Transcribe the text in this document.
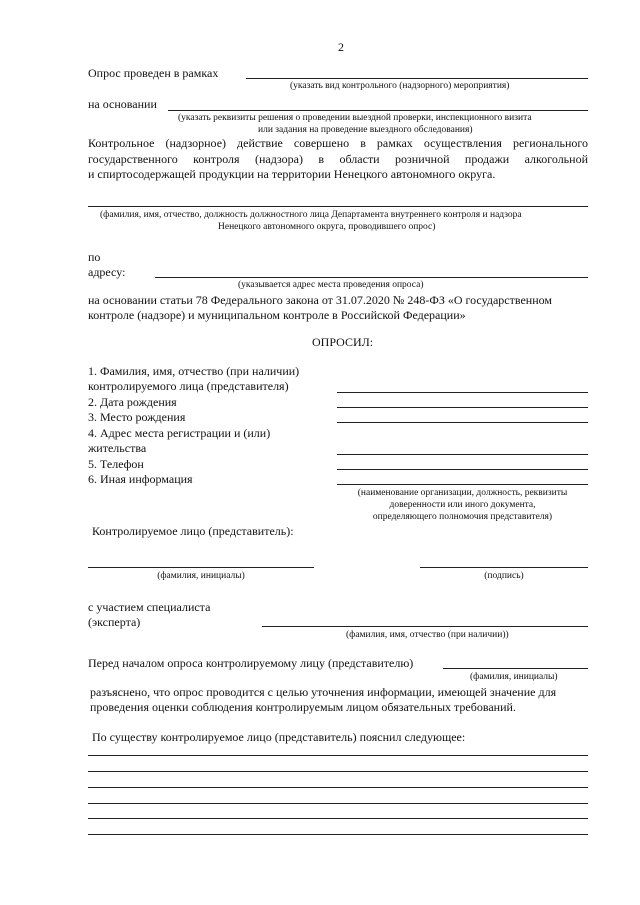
2
Опрос проведен в рамках
(указать вид контрольного (надзорного) мероприятия)
на основании
(указать реквизиты решения о проведении выездной проверки, инспекционного визита
или задания на проведение выездного обследования)
Контрольное (надзорное) действие совершено в рамках осуществления регионального
государственного контроля (надзора) в области розничной продажи алкогольной
и спиртосодержащей продукции на территории Ненецкого автономного округа.
(фамилия, имя, отчество, должность должностного лица Департамента внутреннего контроля и надзора
Ненецкого автономного округа, проводившего опрос)
по
адресу:
(указывается адрес места проведения опроса)
на основании статьи 78 Федерального закона от 31.07.2020 № 248-ФЗ «О государственном
контроле (надзоре) и муниципальном контроле в Российской Федерации»
ОПРОСИЛ:
1. Фамилия, имя, отчество (при наличии)
контролируемого лица (представителя)
2. Дата рождения
3. Место рождения
4. Адрес места регистрации и (или)
жительства
5. Телефон
6. Иная информация
(наименование организации, должность, реквизиты
доверенности или иного документа,
определяющего полномочия представителя)
Контролируемое лицо (представитель):
(фамилия, инициалы)	(подпись)
с участием специалиста
(эксперта)
(фамилия, имя, отчество (при наличии))
Перед началом опроса контролируемому лицу (представителю)
(фамилия, инициалы)
разъяснено, что опрос проводится с целью уточнения информации, имеющей значение для
проведения оценки соблюдения контролируемым лицом обязательных требований.
По существу контролируемое лицо (представитель) пояснил следующее:
